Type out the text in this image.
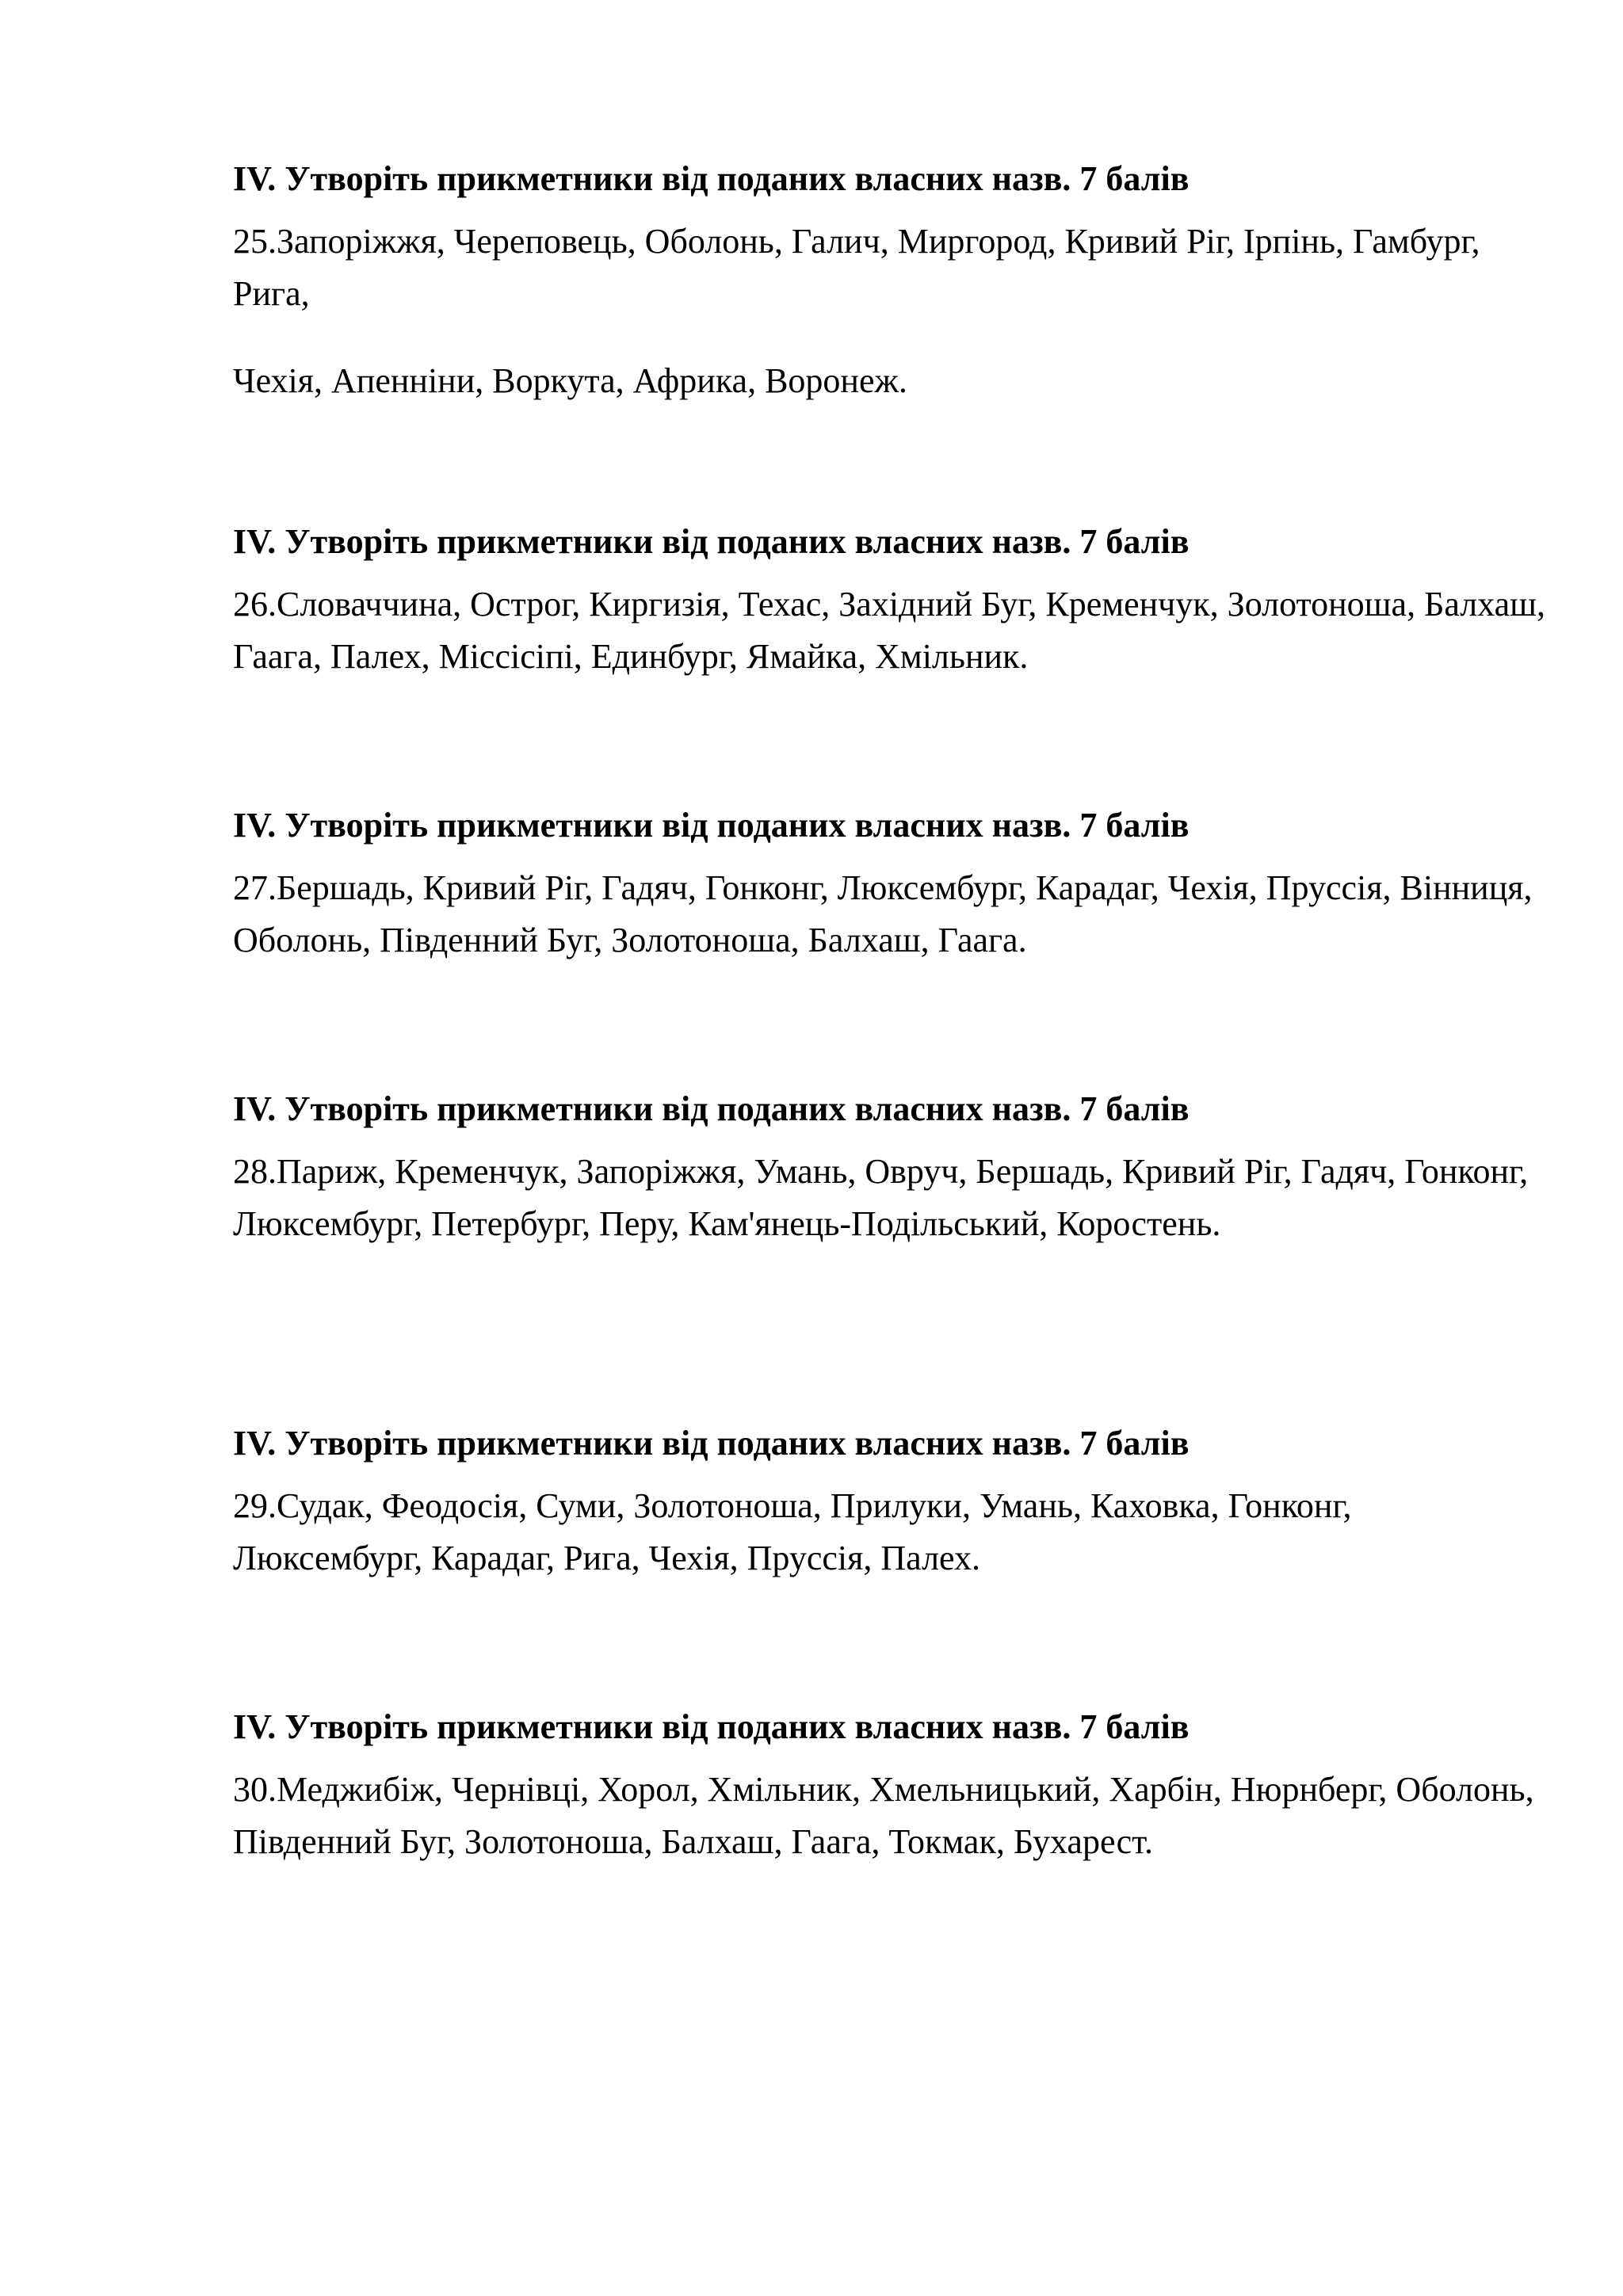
IV. Утворіть прикметники від поданих власних назв. 7 балів

25.Запоріжжя, Череповець, Оболонь, Галич, Миргород, Кривий Ріг, Ірпінь, Гамбург, Рига,

Чехія, Апенніни, Воркута, Африка, Воронеж.

IV. Утворіть прикметники від поданих власних назв. 7 балів

26.Словаччина, Острог, Киргизія, Техас, Західний Буг, Кременчук, Золотоноша, Балхаш, Гаага, Палех, Міссісіпі, Единбург, Ямайка, Хмільник.

IV. Утворіть прикметники від поданих власних назв. 7 балів

27.Бершадь, Кривий Ріг, Гадяч, Гонконг, Люксембург, Карадаг, Чехія, Пруссія, Вінниця, Оболонь, Південний Буг, Золотоноша, Балхаш, Гаага.

IV. Утворіть прикметники від поданих власних назв. 7 балів

28.Париж, Кременчук, Запоріжжя, Умань, Овруч, Бершадь, Кривий Ріг, Гадяч, Гонконг, Люксембург, Петербург, Перу, Кам'янець-Подільський, Коростень.

IV. Утворіть прикметники від поданих власних назв. 7 балів

29.Судак, Феодосія, Суми, Золотоноша, Прилуки, Умань, Каховка, Гонконг, Люксембург, Карадаг, Рига, Чехія, Пруссія, Палех.

IV. Утворіть прикметники від поданих власних назв. 7 балів

30.Меджибіж, Чернівці, Хорол, Хмільник, Хмельницький, Харбін, Нюрнберг, Оболонь, Південний Буг, Золотоноша, Балхаш, Гаага, Токмак, Бухарест.
